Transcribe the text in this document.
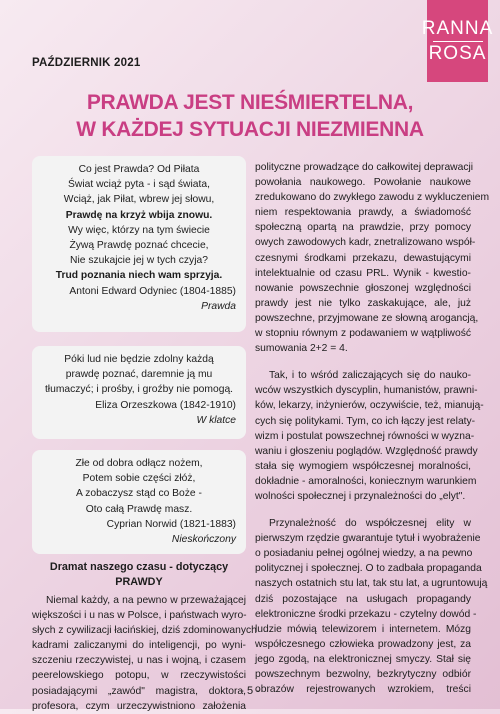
RANNA
ROSA
PAŹDZIERNIK 2021
PRAWDA JEST NIEŚMIERTELNA,
W KAŻDEJ SYTUACJI NIEZMIENNA
Co jest Prawda? Od Piłata
Świat wciąż pyta - i sąd świata,
Wciąż, jak Piłat, wbrew jej słowu,
Prawdę na krzyż wbija znowu.
Wy więc, którzy na tym świecie
Żywą Prawdę poznać chcecie,
Nie szukajcie jej w tych czyja?
Trud poznania niech wam sprzyja.
Antoni Edward Odyniec (1804-1885)
Prawda
Póki lud nie będzie zdolny każdą
prawdę poznać, daremnie ją mu
tłumaczyć; i prośby, i groźby nie pomogą.
Eliza Orzeszkowa (1842-1910)
W klatce
Złe od dobra odłącz nożem,
Potem sobie części złóż,
A zobaczysz stąd co Boże -
Oto całą Prawdę masz.
Cyprian Norwid (1821-1883)
Nieskończony
Dramat naszego czasu - dotyczący
PRAWDY

Niemal każdy, a na pewno w przeważającej
większości i u nas w Polsce, i państwach wyro-
słych z cywilizacji łacińskiej, dziś zdominowanych
kadrami zaliczanymi do inteligencji, po wyni-
szczeniu rzeczywistej, u nas i wojną, i czasem
peerelowskiego potopu, w rzeczywistości
posiadającymi „zawód" magistra, doktora,
profesora, czym urzeczywistniono założenia

polityczne prowadzące do całkowitej deprawacji
powołania naukowego. Powołanie naukowe
zredukowano do zwykłego zawodu z wykluczeniem
niem respektowania prawdy, a świadomość
społeczną opartą na prawdzie, przy pomocy
owych zawodowych kadr, znetralizowano współ-
czesnymi środkami przekazu, dewastującymi
intelektualnie od czasu PRL. Wynik - kwestio-
nowanie powszechnie głoszonej względności
prawdy jest nie tylko zaskakujące, ale, już
powszechne, przyjmowane ze słowną arogancją,
w stopniu równym z podawaniem w wątpliwość
sumowania 2+2 = 4.

Tak, i to wśród zaliczających się do nauko-
wców wszystkich dyscyplin, humanistów, prawni-
ków, lekarzy, inżynierów, oczywiście, też, mianują-
cych się politykami. Tym, co ich łączy jest relaty-
wizm i postulat powszechnej równości w wyzna-
waniu i głoszeniu poglądów. Względność prawdy
stała się wymogiem współczesnej moralności,
dokładnie - amoralności, koniecznym warunkiem
wolności społecznej i przynależności do „elyt".

Przynależność do współczesnej elity w
pierwszym rzędzie gwarantuje tytuł i wyobrażenie
o posiadaniu pełnej ogólnej wiedzy, a na pewno
politycznej i społecznej. O to zadbała propaganda
naszych ostatnich stu lat, tak stu lat, a ugruntowują
dziś pozostające na usługach propagandy
elektroniczne środki przekazu - czytelny dowód -
ludzie mówią telewizorem i internetem. Mózg
współczesnego człowieka prowadzony jest, za
jego zgodą, na elektronicznej smyczy. Stał się
powszechnym bezwolny, bezkrytyczny odbiór
obrazów rejestrowanych wzrokiem, treści

- 5 -
